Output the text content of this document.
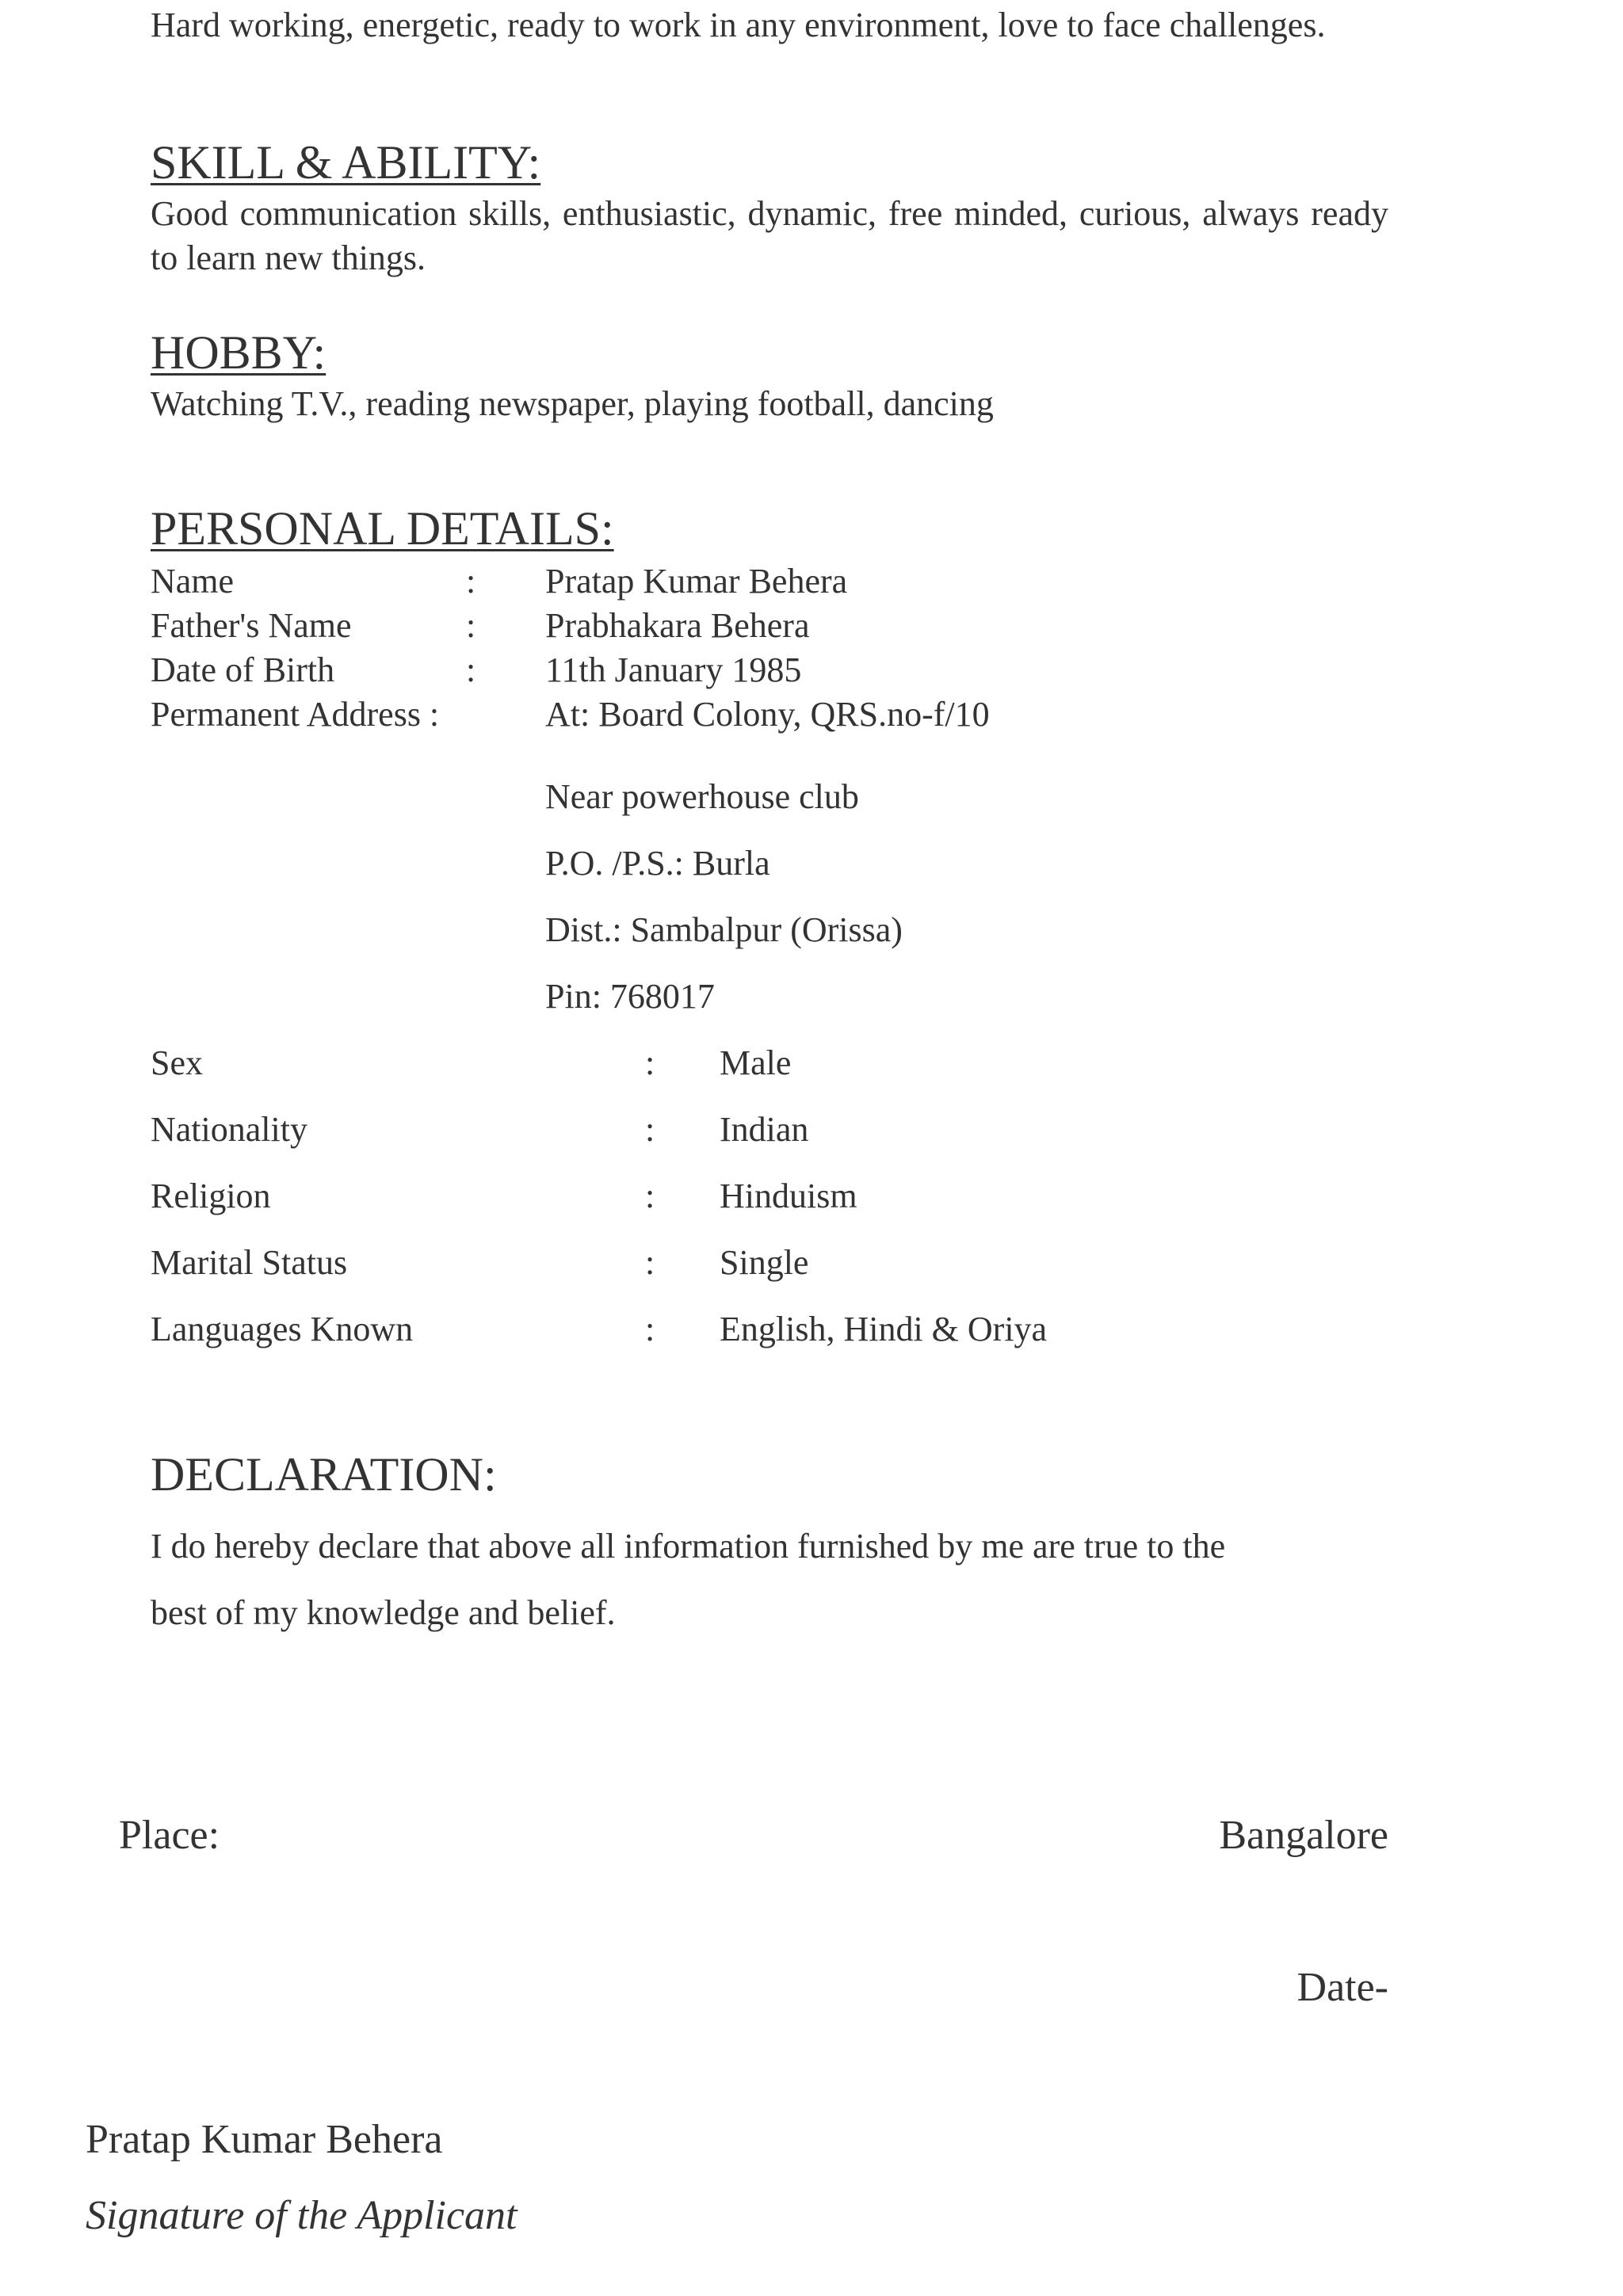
Hard working, energetic, ready to work in any environment, love to face challenges.

SKILL & ABILITY:

Good communication skills, enthusiastic, dynamic, free minded, curious, always ready to learn new things.

HOBBY:
Watching T.V., reading newspaper, playing football, dancing
PERSONAL DETAILS:
Name	: Pratap Kumar Behera
Father's Name	: Prabhakara Behera
Date of Birth	: 11th January 1985
Permanent Address :	At: Board Colony, QRS.no-f/10
Near powerhouse club
P.O. /P.S.: Burla
Dist.: Sambalpur (Orissa)
Pin: 768017
Sex	: Male
Nationality	: Indian
Religion	: Hinduism
Marital Status	: Single
Languages Known	: English, Hindi & Oriya
DECLARATION:
I do hereby declare that above all information furnished by me are true to the
best of my knowledge and belief.
Place:	Bangalore
Date-
Pratap Kumar Behera
Signature of the Applicant
